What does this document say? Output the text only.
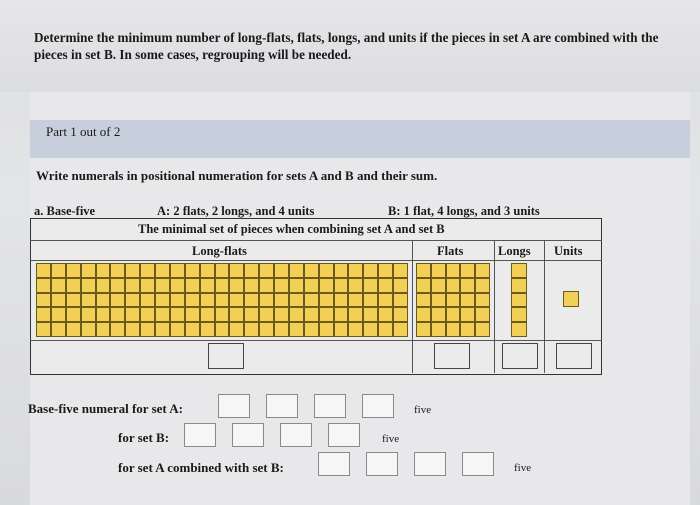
Determine the minimum number of long-flats, flats, longs, and units if the pieces in set A are combined with the pieces in set B. In some cases, regrouping will be needed.
Part 1 out of 2
Write numerals in positional numeration for sets A and B and their sum.
a. Base-five	A: 2 flats, 2 longs, and 4 units	B: 1 flat, 4 longs, and 3 units
The minimal set of pieces when combining set A and set B
Long-flats	Flats	Longs Units
Base-five numeral for set A:	five
for set B:	five
for set A combined with set B:	five
